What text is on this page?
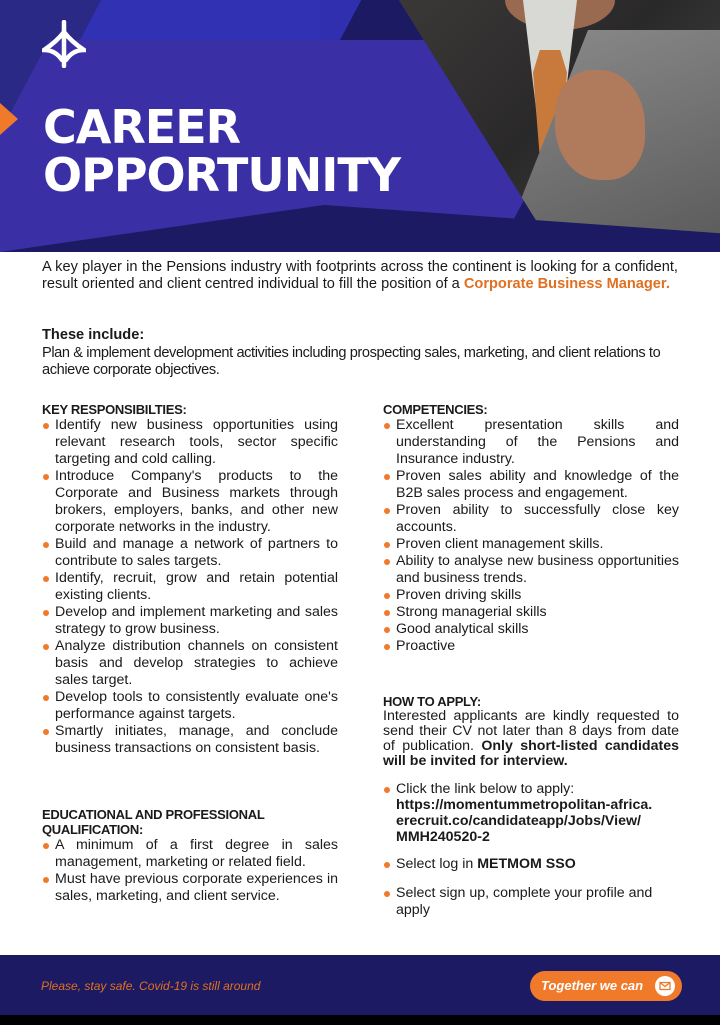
CAREER
OPPORTUNITY
A key player in the Pensions industry with footprints across the continent is looking for a confident, result oriented and client centred individual to fill the position of a Corporate Business Manager.
These include:
Plan & implement development activities including prospecting sales, marketing, and client relations to achieve corporate objectives.
KEY RESPONSIBILTIES:
Identify new business opportunities using relevant research tools, sector specific targeting and cold calling.
Introduce Company's products to the Corporate and Business markets through brokers, employers, banks, and other new corporate networks in the industry.
Build and manage a network of partners to contribute to sales targets.
Identify, recruit, grow and retain potential existing clients.
Develop and implement marketing and sales strategy to grow business.
Analyze distribution channels on consistent basis and develop strategies to achieve sales target.
Develop tools to consistently evaluate one's performance against targets.
Smartly initiates, manage, and conclude business transactions on consistent basis.
EDUCATIONAL AND PROFESSIONAL
QUALIFICATION:
A minimum of a first degree in sales management, marketing or related field.
Must have previous corporate experiences in sales, marketing, and client service.
COMPETENCIES:
Excellent presentation skills and understanding of the Pensions and Insurance industry.
Proven sales ability and knowledge of the B2B sales process and engagement.
Proven ability to successfully close key accounts.
Proven client management skills.
Ability to analyse new business opportunities and business trends.
Proven driving skills
Strong managerial skills
Good analytical skills
Proactive
HOW TO APPLY:
Interested applicants are kindly requested to send their CV not later than 8 days from date of publication. Only short-listed candidates will be invited for interview.
Click the link below to apply:
https://momentummetropolitan-africa.
erecruit.co/candidateapp/Jobs/View/
MMH240520-2
Select log in METMOM SSO
Select sign up, complete your profile and apply
Please, stay safe. Covid-19 is still around	Together we can
